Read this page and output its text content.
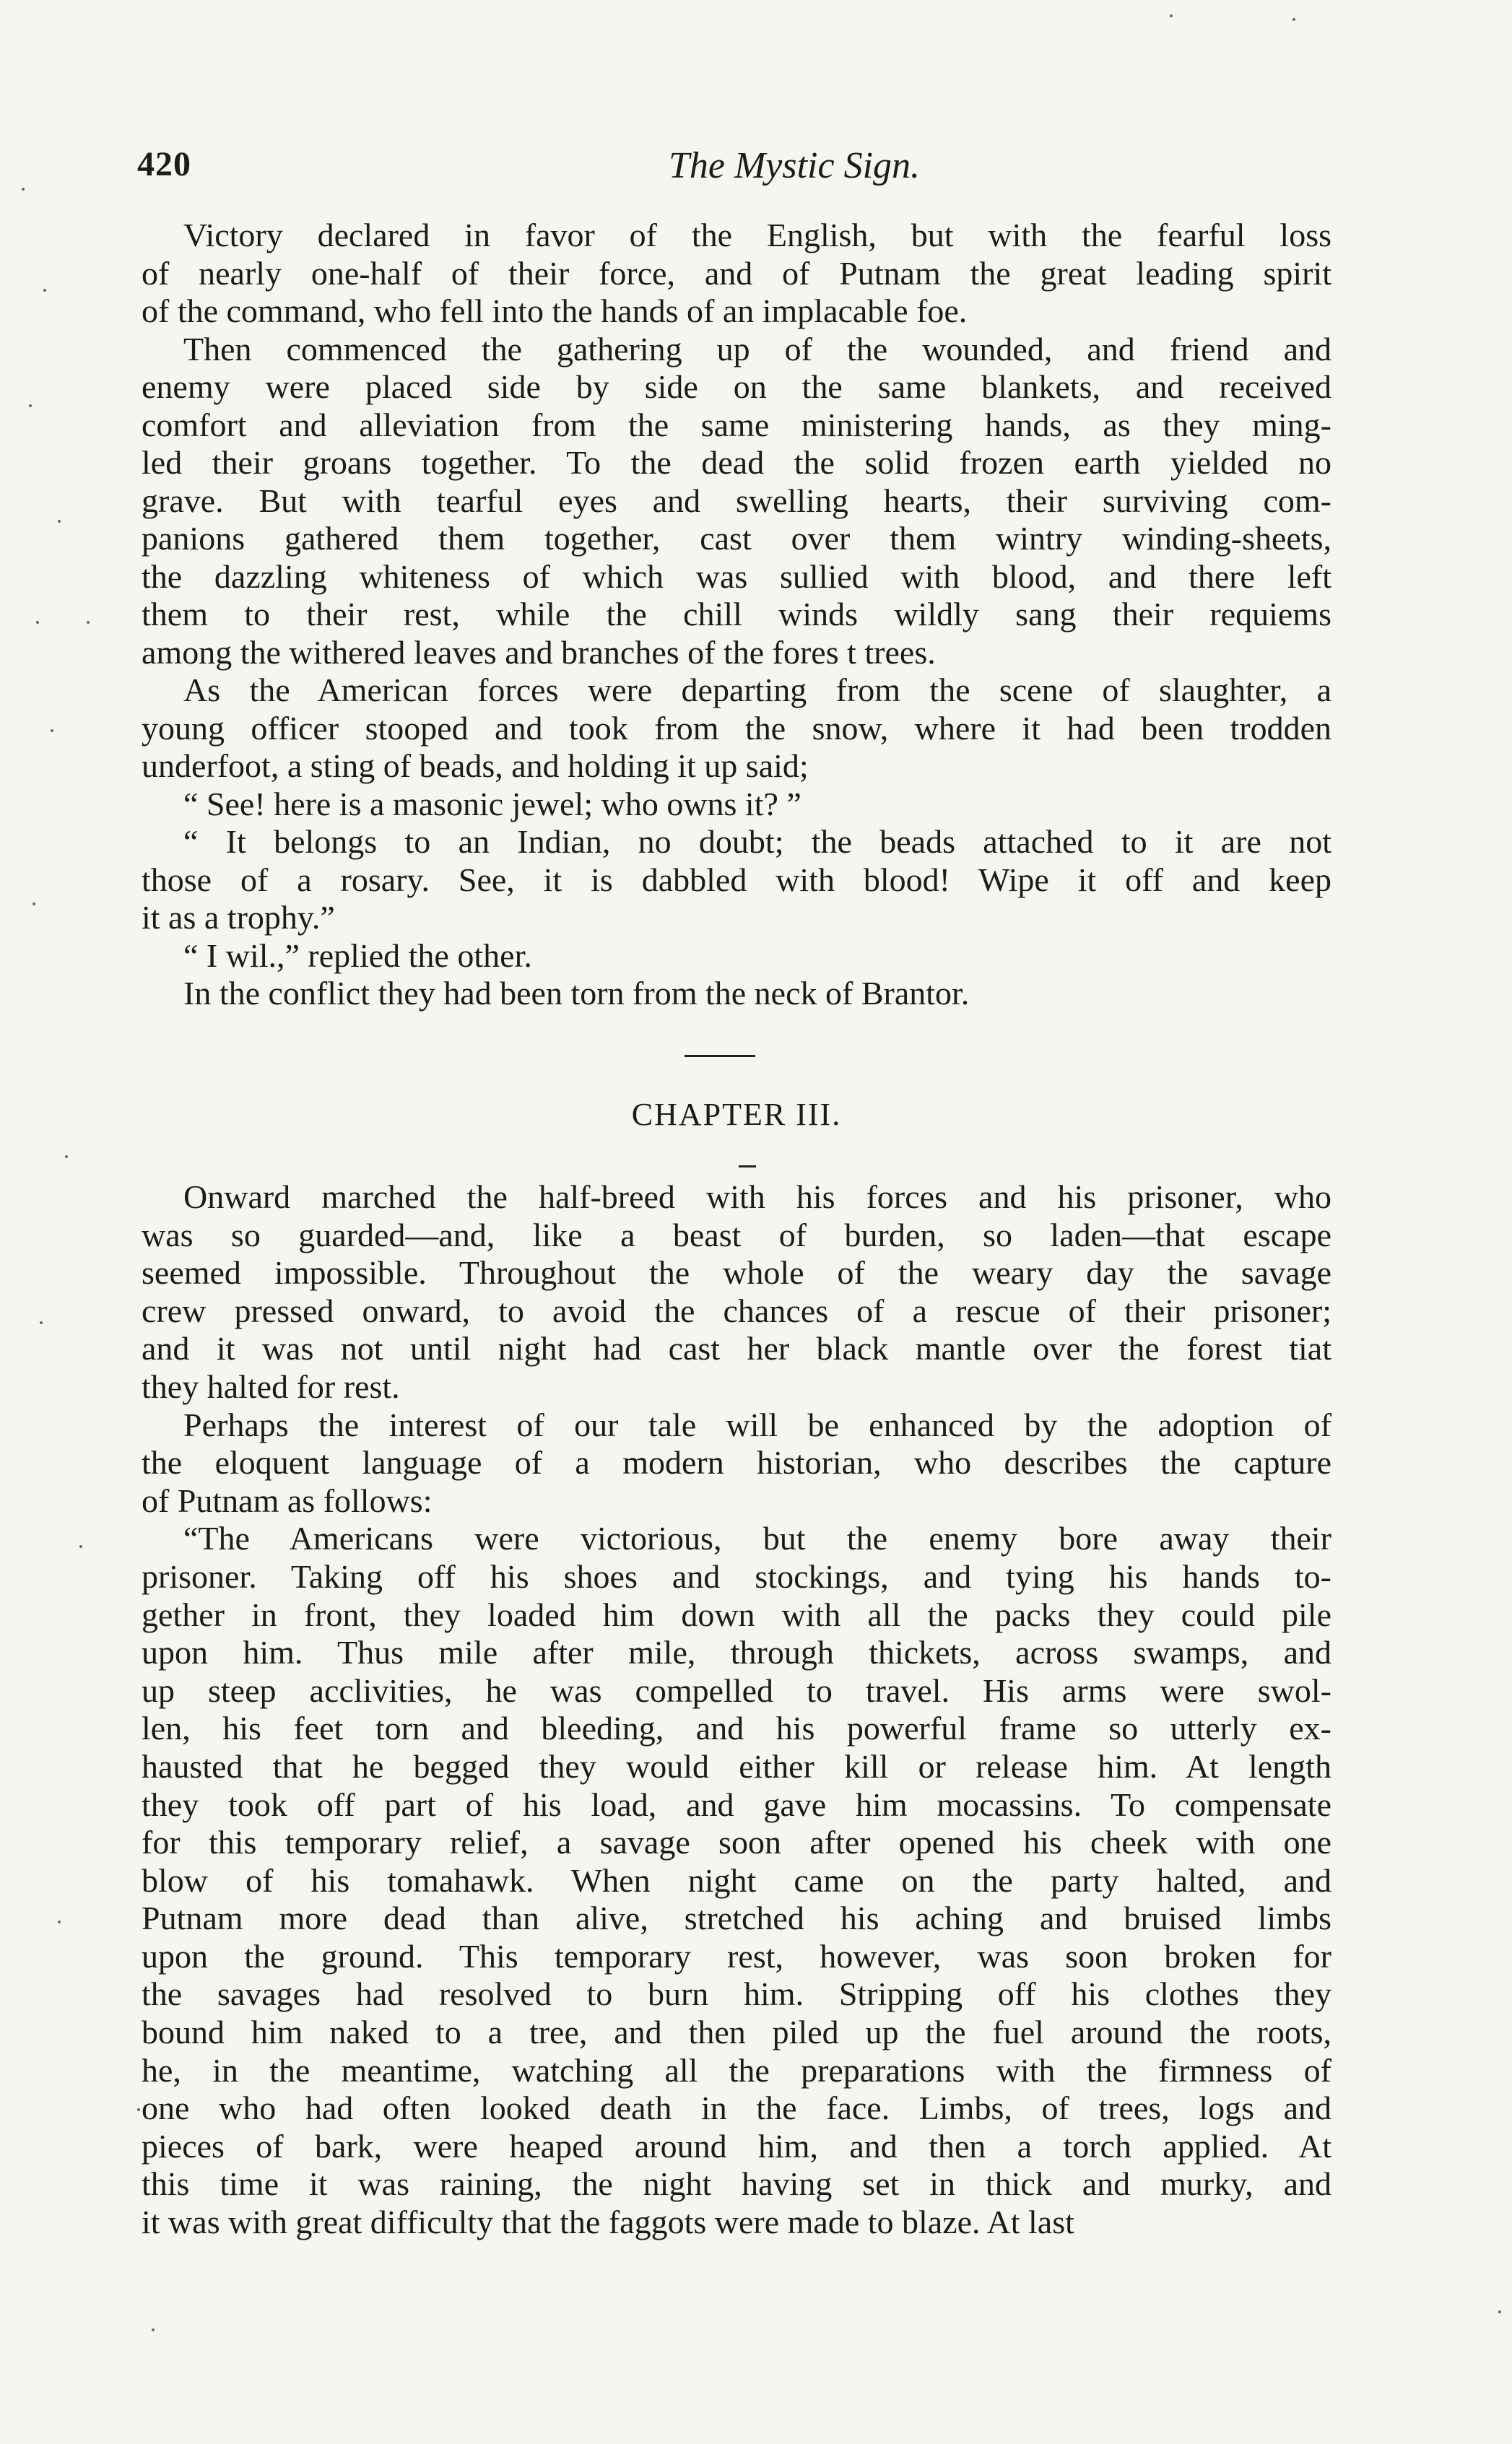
420	The Mystic Sign.
Victory declared in favor of the English, but with the fearful loss
of nearly one-half of their force, and of Putnam the great leading spirit
of the command, who fell into the hands of an implacable foe.
Then commenced the gathering up of the wounded, and friend and
enemy were placed side by side on the same blankets, and received
comfort and alleviation from the same ministering hands, as they ming-
led their groans together. To the dead the solid frozen earth yielded no
grave. But with tearful eyes and swelling hearts, their surviving com-
panions gathered them together, cast over them wintry winding-sheets,
the dazzling whiteness of which was sullied with blood, and there left
them to their rest, while the chill winds wildly sang their requiems
among the withered leaves and branches of the fores t trees.
As the American forces were departing from the scene of slaughter, a
young officer stooped and took from the snow, where it had been trodden
underfoot, a sting of beads, and holding it up said;
“ See! here is a masonic jewel; who owns it? ”
“ It belongs to an Indian, no doubt; the beads attached to it are not
those of a rosary. See, it is dabbled with blood! Wipe it off and keep
it as a trophy.”
“ I wil.,” replied the other.
In the conflict they had been torn from the neck of Brantor.
CHAPTER III.
Onward marched the half-breed with his forces and his prisoner, who
was so guarded—and, like a beast of burden, so laden—that escape
seemed impossible. Throughout the whole of the weary day the savage
crew pressed onward, to avoid the chances of a rescue of their prisoner;
and it was not until night had cast her black mantle over the forest tiat
they halted for rest.
Perhaps the interest of our tale will be enhanced by the adoption of
the eloquent language of a modern historian, who describes the capture
of Putnam as follows:
“The Americans were victorious, but the enemy bore away their
prisoner. Taking off his shoes and stockings, and tying his hands to-
gether in front, they loaded him down with all the packs they could pile
upon him. Thus mile after mile, through thickets, across swamps, and
up steep acclivities, he was compelled to travel. His arms were swol-
len, his feet torn and bleeding, and his powerful frame so utterly ex-
hausted that he begged they would either kill or release him. At length
they took off part of his load, and gave him mocassins. To compensate
for this temporary relief, a savage soon after opened his cheek with one
blow of his tomahawk. When night came on the party halted, and
Putnam more dead than alive, stretched his aching and bruised limbs
upon the ground. This temporary rest, however, was soon broken for
the savages had resolved to burn him. Stripping off his clothes they
bound him naked to a tree, and then piled up the fuel around the roots,
he, in the meantime, watching all the preparations with the firmness of
one who had often looked death in the face. Limbs, of trees, logs and
pieces of bark, were heaped around him, and then a torch applied. At
this time it was raining, the night having set in thick and murky, and
it was with great difficulty that the faggots were made to blaze. At last
